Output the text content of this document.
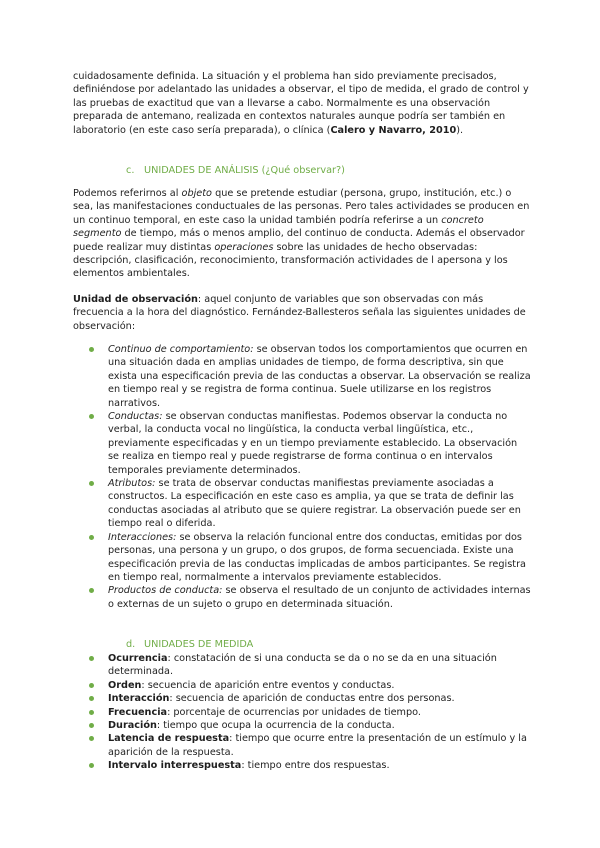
cuidadosamente definida. La situación y el problema han sido previamente precisados, definiéndose por adelantado las unidades a observar, el tipo de medida, el grado de control y las pruebas de exactitud que van a llevarse a cabo. Normalmente es una observación preparada de antemano, realizada en contextos naturales aunque podría ser también en laboratorio (en este caso sería preparada), o clínica (Calero y Navarro, 2010).

c. UNIDADES DE ANÁLISIS (¿Qué observar?)

Podemos referirnos al objeto que se pretende estudiar (persona, grupo, institución, etc.) o sea, las manifestaciones conductuales de las personas. Pero tales actividades se producen en un continuo temporal, en este caso la unidad también podría referirse a un concreto segmento de tiempo, más o menos amplio, del continuo de conducta. Además el observador puede realizar muy distintas operaciones sobre las unidades de hecho observadas: descripción, clasificación, reconocimiento, transformación actividades de l apersona y los elementos ambientales.

Unidad de observación: aquel conjunto de variables que son observadas con más frecuencia a la hora del diagnóstico. Fernández-Ballesteros señala las siguientes unidades de observación:

Continuo de comportamiento: se observan todos los comportamientos que ocurren en una situación dada en amplias unidades de tiempo, de forma descriptiva, sin que exista una especificación previa de las conductas a observar. La observación se realiza en tiempo real y se registra de forma continua. Suele utilizarse en los registros narrativos.
Conductas: se observan conductas manifiestas. Podemos observar la conducta no verbal, la conducta vocal no lingüística, la conducta verbal lingüística, etc., previamente especificadas y en un tiempo previamente establecido. La observación se realiza en tiempo real y puede registrarse de forma continua o en intervalos temporales previamente determinados.
Atributos: se trata de observar conductas manifiestas previamente asociadas a constructos. La especificación en este caso es amplia, ya que se trata de definir las conductas asociadas al atributo que se quiere registrar. La observación puede ser en tiempo real o diferida.
Interacciones: se observa la relación funcional entre dos conductas, emitidas por dos personas, una persona y un grupo, o dos grupos, de forma secuenciada. Existe una especificación previa de las conductas implicadas de ambos participantes. Se registra en tiempo real, normalmente a intervalos previamente establecidos.
Productos de conducta: se observa el resultado de un conjunto de actividades internas o externas de un sujeto o grupo en determinada situación.

d. UNIDADES DE MEDIDA

Ocurrencia: constatación de si una conducta se da o no se da en una situación determinada.
Orden: secuencia de aparición entre eventos y conductas.
Interacción: secuencia de aparición de conductas entre dos personas.
Frecuencia: porcentaje de ocurrencias por unidades de tiempo.
Duración: tiempo que ocupa la ocurrencia de la conducta.
Latencia de respuesta: tiempo que ocurre entre la presentación de un estímulo y la aparición de la respuesta.
Intervalo interrespuesta: tiempo entre dos respuestas.
